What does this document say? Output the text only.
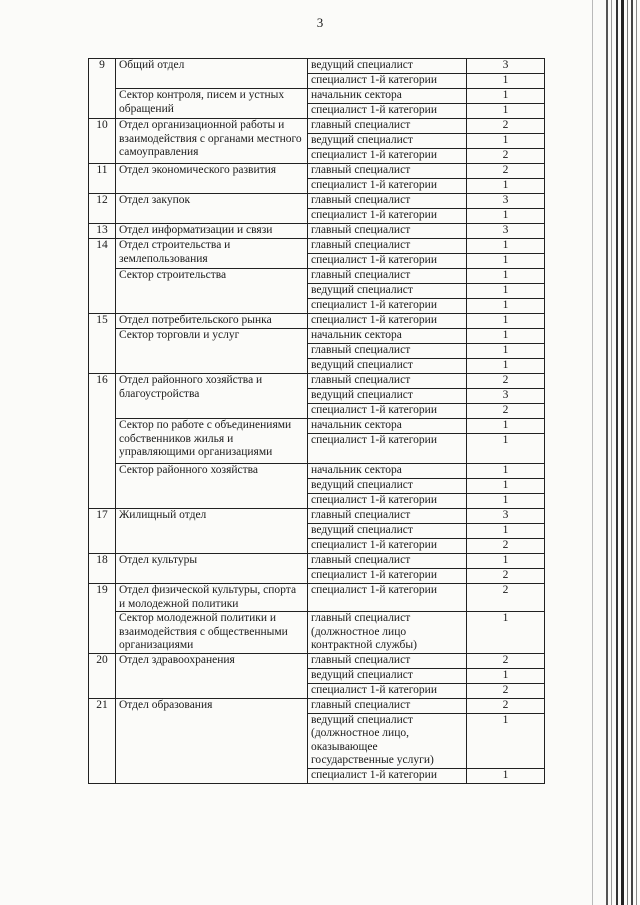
3
9	Общий отдел	ведущий специалист	3
		специалист 1-й категории	1
	Сектор контроля, писем и устных обращений	начальник сектора	1
		специалист 1-й категории	1
10	Отдел организационной работы и взаимодействия с органами местного самоуправления	главный специалист	2
		ведущий специалист	1
		специалист 1-й категории	2
11	Отдел экономического развития	главный специалист	2
		специалист 1-й категории	1
12	Отдел закупок	главный специалист	3
		специалист 1-й категории	1
13	Отдел информатизации и связи	главный специалист	3
14	Отдел строительства и землепользования	главный специалист	1
		специалист 1-й категории	1
	Сектор строительства	главный специалист	1
		ведущий специалист	1
		специалист 1-й категории	1
15	Отдел потребительского рынка	специалист 1-й категории	1
	Сектор торговли и услуг	начальник сектора	1
		главный специалист	1
		ведущий специалист	1
16	Отдел районного хозяйства и благоустройства	главный специалист	2
		ведущий специалист	3
		специалист 1-й категории	2
	Сектор по работе с объединениями собственников жилья и управляющими организациями	начальник сектора	1
		специалист 1-й категории	1
	Сектор районного хозяйства	начальник сектора	1
		ведущий специалист	1
		специалист 1-й категории	1
17	Жилищный отдел	главный специалист	3
		ведущий специалист	1
		специалист 1-й категории	2
18	Отдел культуры	главный специалист	1
		специалист 1-й категории	2
19	Отдел физической культуры, спорта и молодежной политики	специалист 1-й категории	2
	Сектор молодежной политики и взаимодействия с общественными организациями	главный специалист (должностное лицо контрактной службы)	1
20	Отдел здравоохранения	главный специалист	2
		ведущий специалист	1
		специалист 1-й категории	2
21	Отдел образования	главный специалист	2
		ведущий специалист (должностное лицо, оказывающее государственные услуги)	1
		специалист 1-й категории	1
